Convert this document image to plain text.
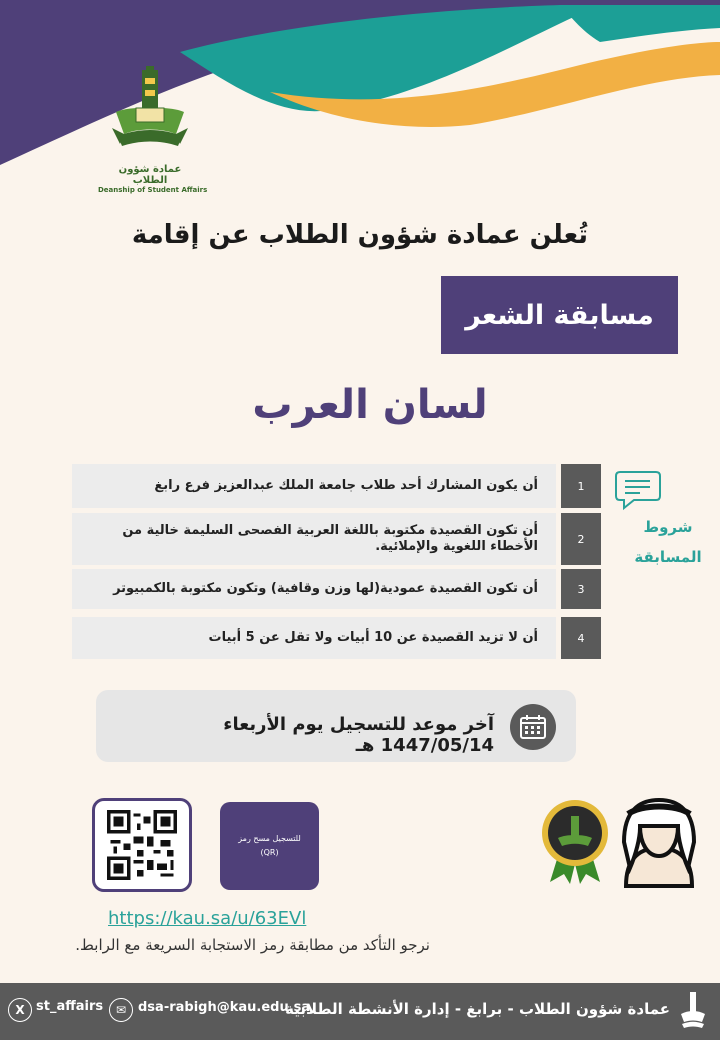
عمادة شؤون الطلاب
Deanship of Student Affairs
تُعلن عمادة شؤون الطلاب عن إقامة
مسابقة الشعر
لسان العرب
شروط المسابقة
أن يكون المشارك أحد طلاب جامعة الملك عبدالعزيز فرع رابغ	1
أن تكون القصيدة مكتوبة باللغة العربية الفصحى السليمة خالية من الأخطاء اللغوية والإملائية.	2
أن تكون القصيدة عمودية(لها وزن وقافية) وتكون مكتوبة بالكمبيوتر	3
أن لا تزيد القصيدة عن 10 أبيات ولا تقل عن 5 أبيات	4
آخر موعد للتسجيل يوم الأربعاء 1447/05/14 هـ
للتسجيل مسح رمز
(QR)
https://kau.sa/u/63EVl
نرجو التأكد من مطابقة رمز الاستجابة السريعة مع الرابط.
عمادة شؤون الطلاب - برابغ - إدارة الأنشطة الطلابية
✉ dsa-rabigh@kau.edu.sa
X st_affairs
